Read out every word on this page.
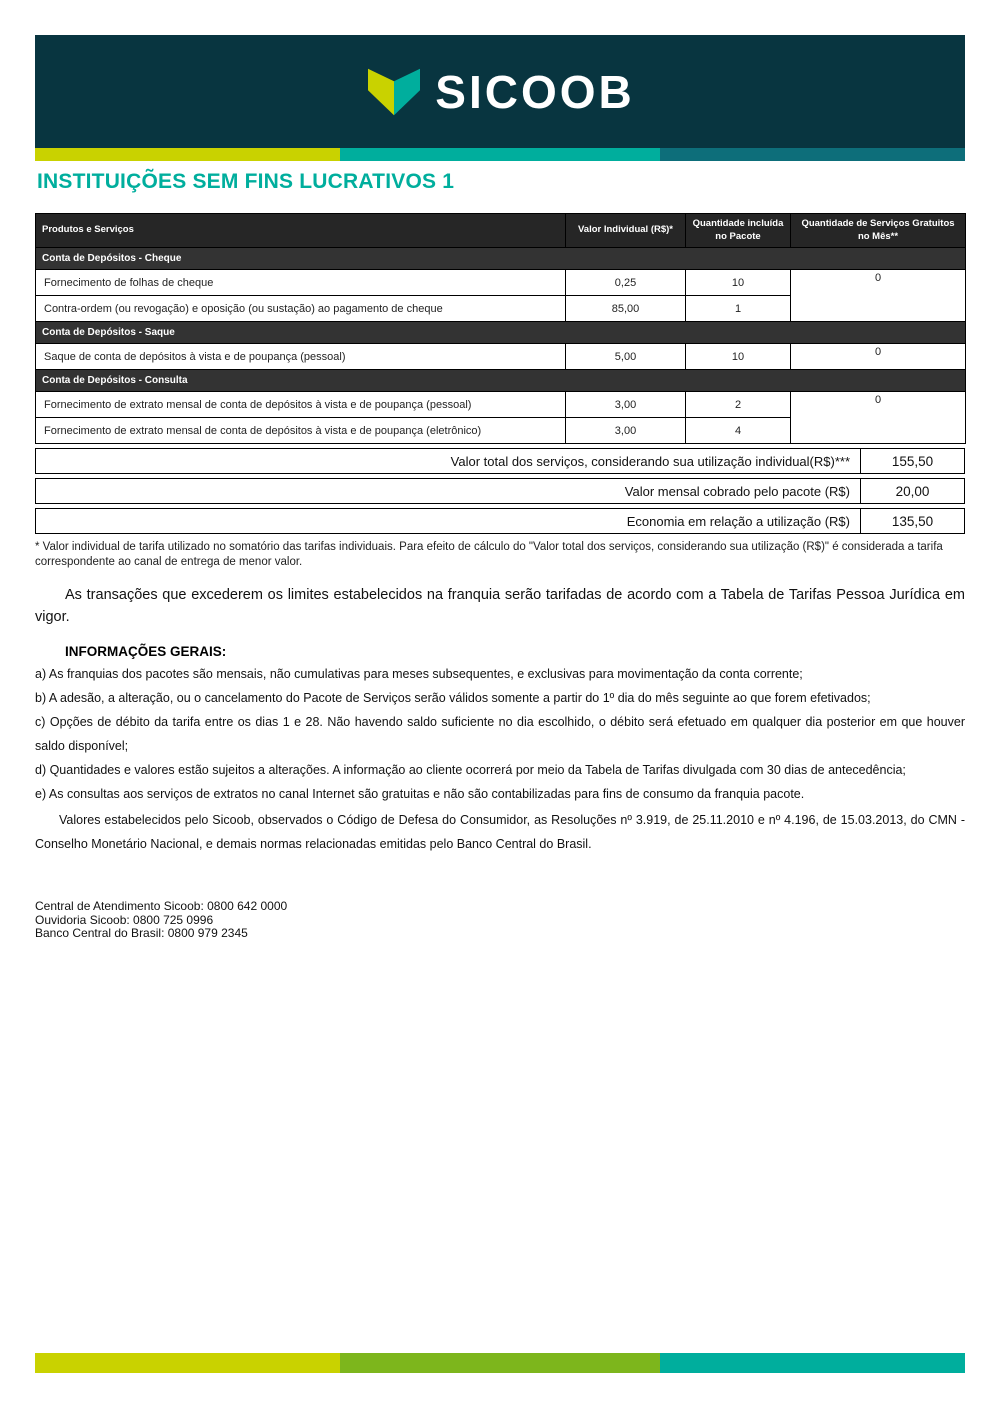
SICOOB
INSTITUIÇÕES SEM FINS LUCRATIVOS 1
Produtos e Serviços	Valor Individual (R$)*	Quantidade incluída no Pacote	Quantidade de Serviços Gratuitos no Mês**
Conta de Depósitos - Cheque			
Fornecimento de folhas de cheque	0,25	10	0
Contra-ordem (ou revogação) e oposição (ou sustação) ao pagamento de cheque	85,00	1	
Conta de Depósitos - Saque			
Saque de conta de depósitos à vista e de poupança (pessoal)	5,00	10	0
Conta de Depósitos - Consulta			
Fornecimento de extrato mensal de conta de depósitos à vista e de poupança (pessoal)	3,00	2	0
Fornecimento de extrato mensal de conta de depósitos à vista e de poupança (eletrônico)	3,00	4	
Valor total dos serviços, considerando sua utilização individual(R$)***	155,50
Valor mensal cobrado pelo pacote (R$)	20,00
Economia em relação a utilização (R$)	135,50
* Valor individual de tarifa utilizado no somatório das tarifas individuais. Para efeito de cálculo do "Valor total dos serviços, considerando sua utilização (R$)" é considerada a tarifa correspondente ao canal de entrega de menor valor.
As transações que excederem os limites estabelecidos na franquia serão tarifadas de acordo com a Tabela de Tarifas Pessoa Jurídica em vigor.
INFORMAÇÕES GERAIS:
a) As franquias dos pacotes são mensais, não cumulativas para meses subsequentes, e exclusivas para movimentação da conta corrente;
b) A adesão, a alteração, ou o cancelamento do Pacote de Serviços serão válidos somente a partir do 1º dia do mês seguinte ao que forem efetivados;
c) Opções de débito da tarifa entre os dias 1 e 28. Não havendo saldo suficiente no dia escolhido, o débito será efetuado em qualquer dia posterior em que houver saldo disponível;
d) Quantidades e valores estão sujeitos a alterações. A informação ao cliente ocorrerá por meio da Tabela de Tarifas divulgada com 30 dias de antecedência;
e) As consultas aos serviços de extratos no canal Internet são gratuitas e não são contabilizadas para fins de consumo da franquia pacote.
Valores estabelecidos pelo Sicoob, observados o Código de Defesa do Consumidor, as Resoluções nº 3.919, de 25.11.2010 e nº 4.196, de 15.03.2013, do CMN - Conselho Monetário Nacional, e demais normas relacionadas emitidas pelo Banco Central do Brasil.
Central de Atendimento Sicoob: 0800 642 0000
Ouvidoria Sicoob: 0800 725 0996
Banco Central do Brasil: 0800 979 2345
